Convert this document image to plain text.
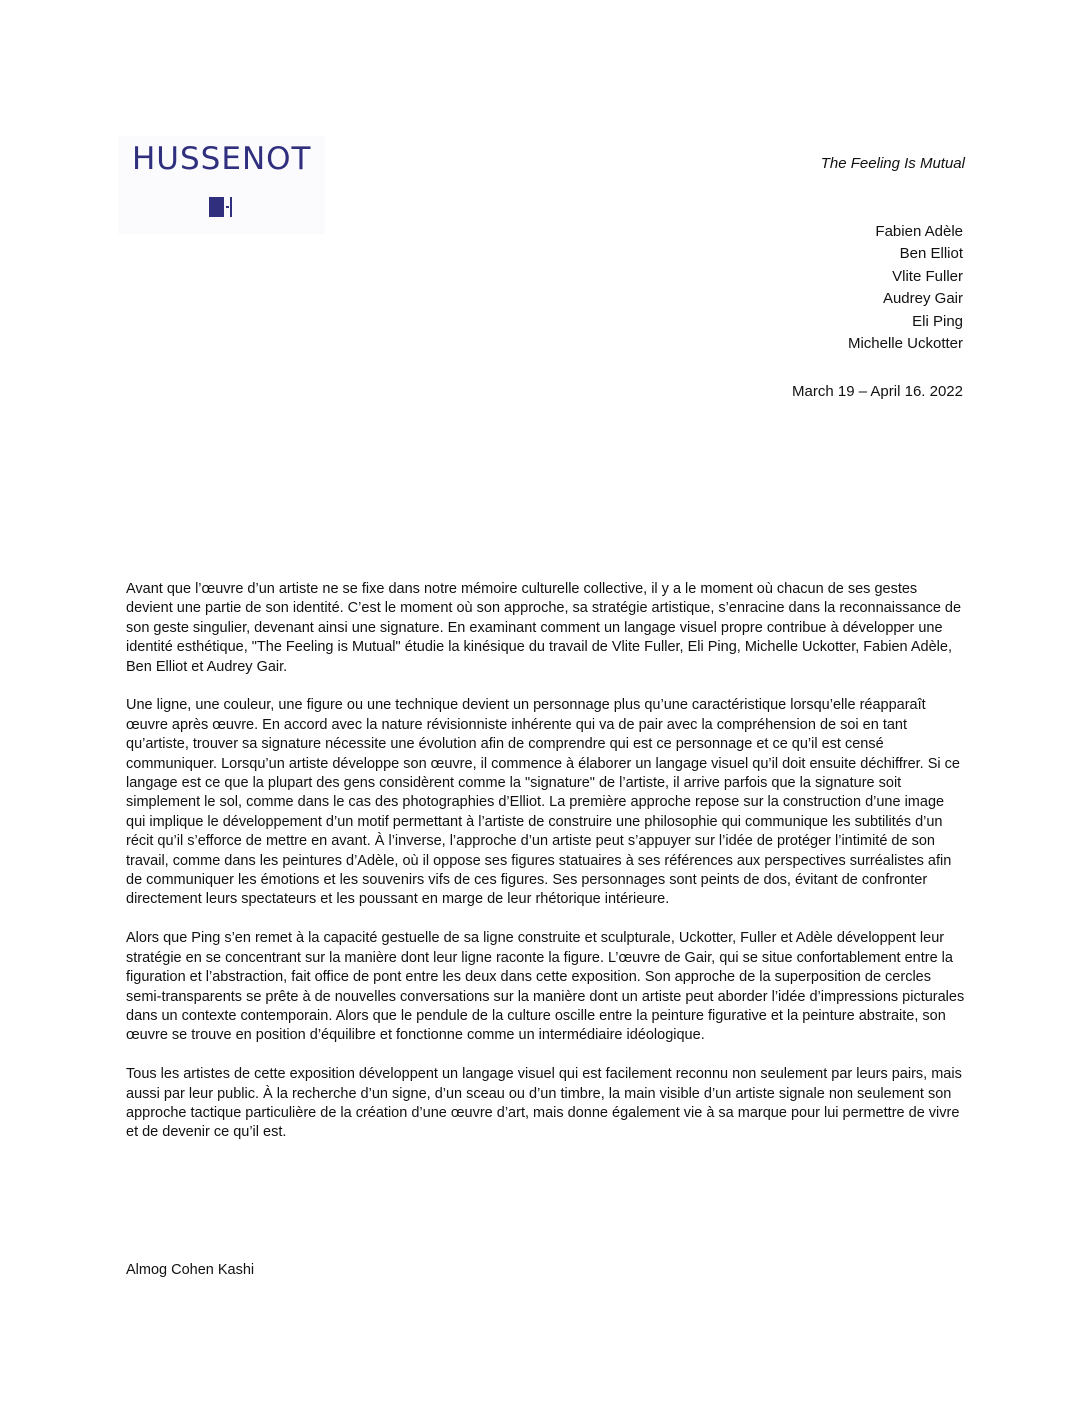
HUSSENOT	The Feeling Is Mutual
Fabien Adèle
Ben Elliot
Vlite Fuller
Audrey Gair
Eli Ping
Michelle Uckotter
March 19 – April 16. 2022

Avant que l’œuvre d’un artiste ne se fixe dans notre mémoire culturelle collective, il y a le moment où chacun de ses gestes devient une partie de son identité. C’est le moment où son approche, sa stratégie artistique, s’enracine dans la reconnaissance de son geste singulier, devenant ainsi une signature. En examinant comment un langage visuel propre contribue à développer une identité esthétique, "The Feeling is Mutual" étudie la kinésique du travail de Vlite Fuller, Eli Ping, Michelle Uckotter, Fabien Adèle, Ben Elliot et Audrey Gair.

Une ligne, une couleur, une figure ou une technique devient un personnage plus qu’une caractéristique lorsqu’elle réapparaît œuvre après œuvre. En accord avec la nature révisionniste inhérente qui va de pair avec la compréhension de soi en tant qu’artiste, trouver sa signature nécessite une évolution afin de comprendre qui est ce personnage et ce qu’il est censé communiquer. Lorsqu’un artiste développe son œuvre, il commence à élaborer un langage visuel qu’il doit ensuite déchiffrer. Si ce langage est ce que la plupart des gens considèrent comme la "signature" de l’artiste, il arrive parfois que la signature soit simplement le sol, comme dans le cas des photographies d’Elliot. La première approche repose sur la construction d’une image qui implique le développement d’un motif permettant à l’artiste de construire une philosophie qui communique les subtilités d’un récit qu’il s’efforce de mettre en avant. À l’inverse, l’approche d’un artiste peut s’appuyer sur l’idée de protéger l’intimité de son travail, comme dans les peintures d’Adèle, où il oppose ses figures statuaires à ses références aux perspectives surréalistes afin de communiquer les émotions et les souvenirs vifs de ces figures. Ses personnages sont peints de dos, évitant de confronter directement leurs spectateurs et les poussant en marge de leur rhétorique intérieure.

Alors que Ping s’en remet à la capacité gestuelle de sa ligne construite et sculpturale, Uckotter, Fuller et Adèle développent leur stratégie en se concentrant sur la manière dont leur ligne raconte la figure. L’œuvre de Gair, qui se situe confortablement entre la figuration et l’abstraction, fait office de pont entre les deux dans cette exposition. Son approche de la superposition de cercles semi-transparents se prête à de nouvelles conversations sur la manière dont un artiste peut aborder l’idée d’impressions picturales dans un contexte contemporain. Alors que le pendule de la culture oscille entre la peinture figurative et la peinture abstraite, son œuvre se trouve en position d’équilibre et fonctionne comme un intermédiaire idéologique.

Tous les artistes de cette exposition développent un langage visuel qui est facilement reconnu non seulement par leurs pairs, mais aussi par leur public. À la recherche d’un signe, d’un sceau ou d’un timbre, la main visible d’un artiste signale non seulement son approche tactique particulière de la création d’une œuvre d’art, mais donne également vie à sa marque pour lui permettre de vivre et de devenir ce qu’il est.

Almog Cohen Kashi
